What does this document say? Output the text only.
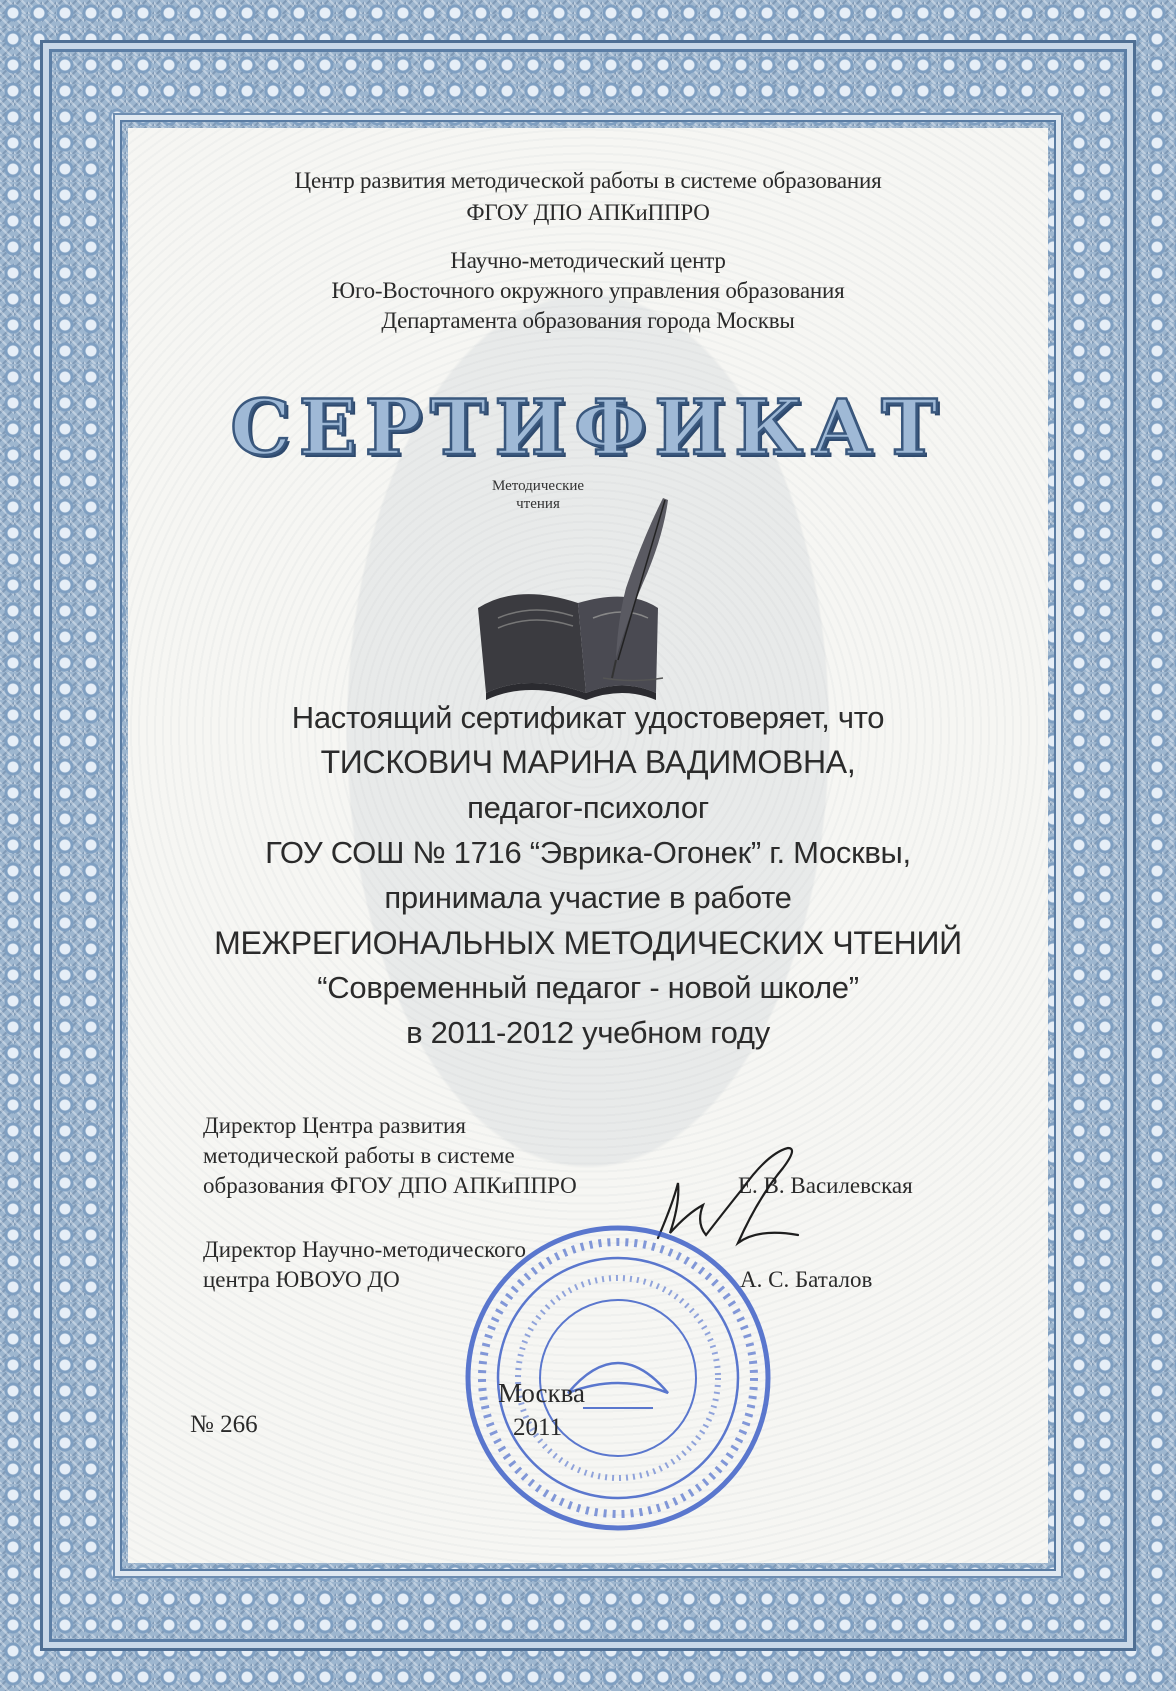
Центр развития методической работы в системе образования
ФГОУ ДПО АПКиППРО
Научно-методический центр
Юго-Восточного окружного управления образования
Департамента образования города Москвы
СЕРТИФИКАТ
Методические
чтения
Настоящий сертификат удостоверяет, что
ТИСКОВИЧ МАРИНА ВАДИМОВНА,
педагог-психолог
ГОУ СОШ № 1716 “Эврика-Огонек” г. Москвы,
принимала участие в работе
МЕЖРЕГИОНАЛЬНЫХ МЕТОДИЧЕСКИХ ЧТЕНИЙ
“Современный педагог - новой школе”
в 2011-2012 учебном году
Директор Центра развития
методической работы в системе
образования ФГОУ ДПО АПКиППРО	Е. В. Василевская
Директор Научно-методического
центра ЮВОУО ДО	А. С. Баталов
Москва
2011
№ 266
